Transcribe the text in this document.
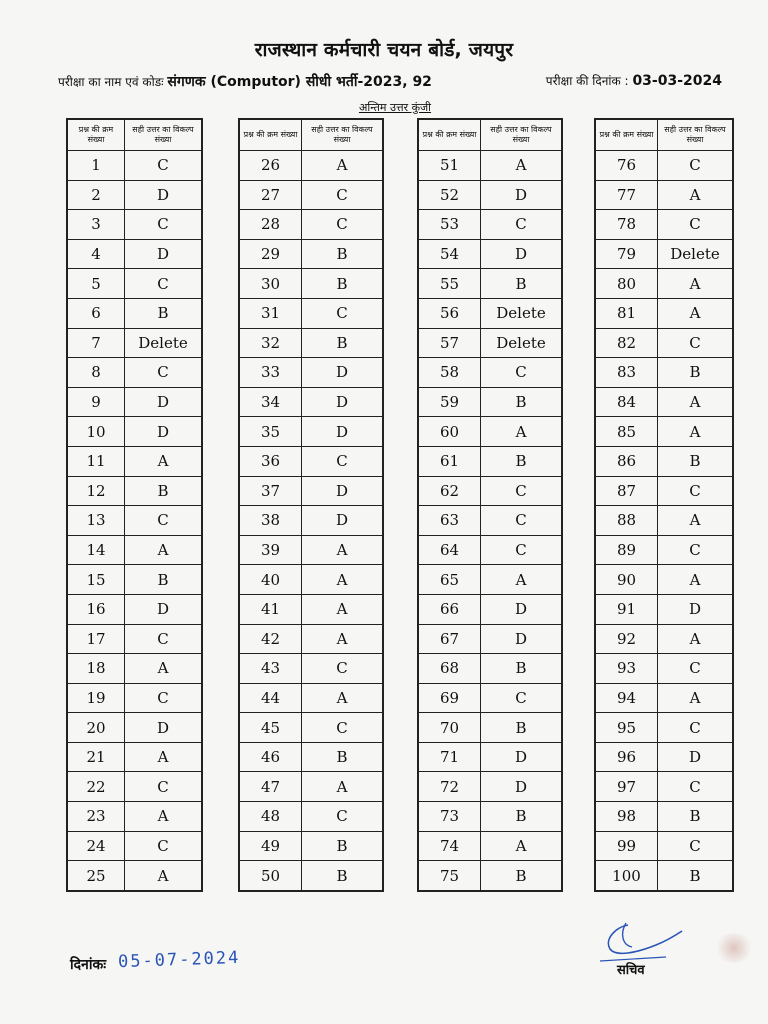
राजस्थान कर्मचारी चयन बोर्ड, जयपुर
परीक्षा का नाम एवं कोडः संगणक (Computor) सीधी भर्ती-2023, 92	परीक्षा की दिनांक : 03-03-2024
अन्तिम उत्तर कुंजी
प्रश्न की क्रम संख्या	सही उत्तर का विकल्प संख्या
1	C
2	D
3	C
4	D
5	C
6	B
7	Delete
8	C
9	D
10	D
11	A
12	B
13	C
14	A
15	B
16	D
17	C
18	A
19	C
20	D
21	A
22	C
23	A
24	C
25	A
प्रश्न की क्रम संख्या	सही उत्तर का विकल्प संख्या
26	A
27	C
28	C
29	B
30	B
31	C
32	B
33	D
34	D
35	D
36	C
37	D
38	D
39	A
40	A
41	A
42	A
43	C
44	A
45	C
46	B
47	A
48	C
49	B
50	B
प्रश्न की क्रम संख्या	सही उत्तर का विकल्प संख्या
51	A
52	D
53	C
54	D
55	B
56	Delete
57	Delete
58	C
59	B
60	A
61	B
62	C
63	C
64	C
65	A
66	D
67	D
68	B
69	C
70	B
71	D
72	D
73	B
74	A
75	B
प्रश्न की क्रम संख्या	सही उत्तर का विकल्प संख्या
76	C
77	A
78	C
79	Delete
80	A
81	A
82	C
83	B
84	A
85	A
86	B
87	C
88	A
89	C
90	A
91	D
92	A
93	C
94	A
95	C
96	D
97	C
98	B
99	C
100	B
दिनांकः 05-07-2024	सचिव
